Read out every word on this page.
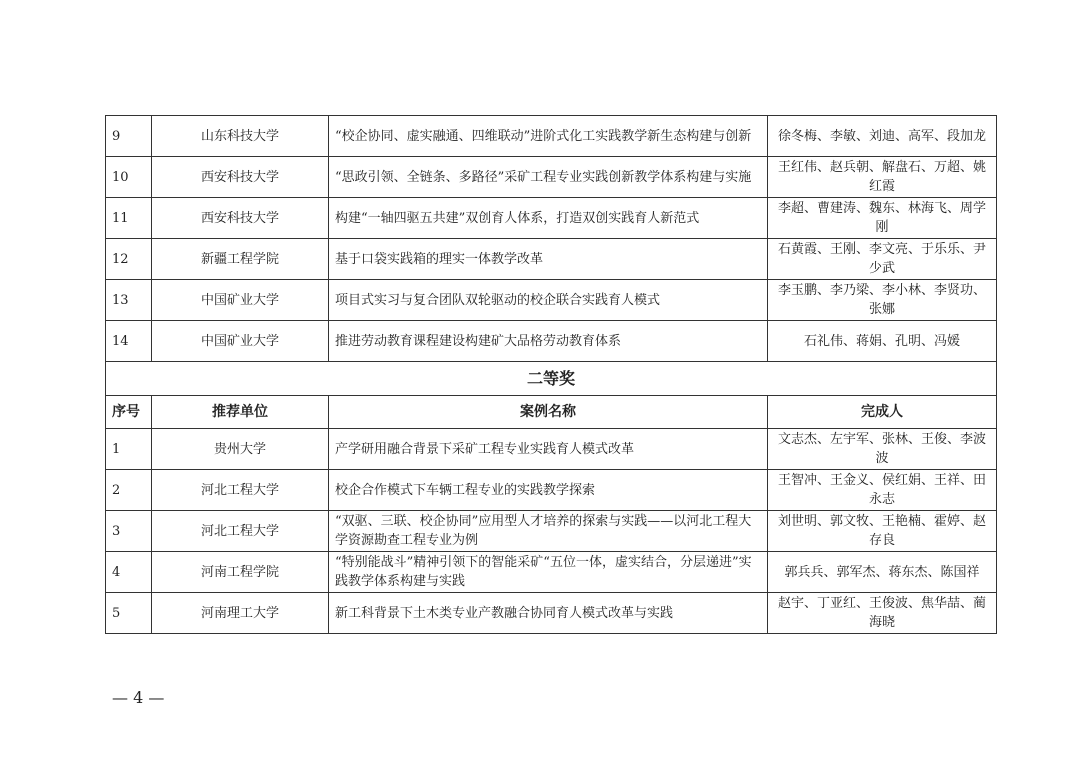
9	山东科技大学	“校企协同、虚实融通、四维联动”进阶式化工实践教学新生态构建与创新	徐冬梅、李敏、刘迪、高军、段加龙
10	西安科技大学	“思政引领、全链条、多路径”采矿工程专业实践创新教学体系构建与实施	王红伟、赵兵朝、解盘石、万超、姚红霞
11	西安科技大学	构建“一轴四驱五共建”双创育人体系，打造双创实践育人新范式	李超、曹建涛、魏东、林海飞、周学刚
12	新疆工程学院	基于口袋实践箱的理实一体教学改革	石黄霞、王刚、李文亮、于乐乐、尹少武
13	中国矿业大学	项目式实习与复合团队双轮驱动的校企联合实践育人模式	李玉鹏、李乃梁、李小林、李贤功、张娜
14	中国矿业大学	推进劳动教育课程建设构建矿大品格劳动教育体系	石礼伟、蒋娟、孔明、冯媛
二等奖			
序号	推荐单位	案例名称	完成人
1	贵州大学	产学研用融合背景下采矿工程专业实践育人模式改革	文志杰、左宇军、张林、王俊、李波波
2	河北工程大学	校企合作模式下车辆工程专业的实践教学探索	王智冲、王金义、侯红娟、王祥、田永志
3	河北工程大学	“双驱、三联、校企协同”应用型人才培养的探索与实践——以河北工程大学资源勘查工程专业为例	刘世明、郭文牧、王艳楠、霍婷、赵存良
4	河南工程学院	“特别能战斗”精神引领下的智能采矿“五位一体，虚实结合，分层递进”实践教学体系构建与实践	郭兵兵、郭军杰、蒋东杰、陈国祥
5	河南理工大学	新工科背景下土木类专业产教融合协同育人模式改革与实践	赵宇、丁亚红、王俊波、焦华喆、蔺海晓
— 4 —
